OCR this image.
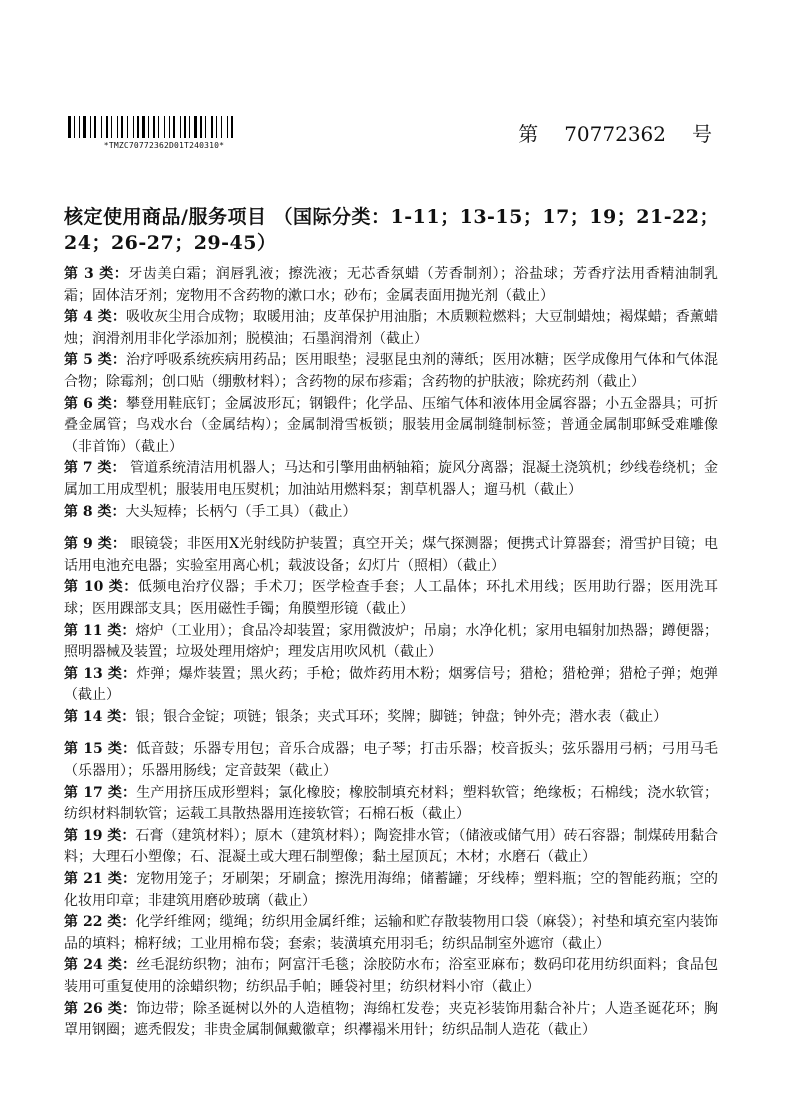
*TMZC70772362D01T240310*	第 70772362 号
核定使用商品/服务项目 （国际分类：1-11；13-15；17；19；21-22；24；26-27；29-45）

第 3 类：牙齿美白霜；润唇乳液；擦洗液；无芯香氛蜡（芳香制剂）；浴盐球；芳香疗法用香精油制乳霜；固体洁牙剂；宠物用不含药物的漱口水；砂布；金属表面用抛光剂（截止）

第 4 类：吸收灰尘用合成物；取暖用油；皮革保护用油脂；木质颗粒燃料；大豆制蜡烛；褐煤蜡；香薰蜡烛；润滑剂用非化学添加剂；脱模油；石墨润滑剂（截止）

第 5 类：治疗呼吸系统疾病用药品；医用眼垫；浸驱昆虫剂的薄纸；医用冰糖；医学成像用气体和气体混合物；除霉剂；创口贴（绷敷材料）；含药物的尿布疹霜；含药物的护肤液；除疣药剂（截止）

第 6 类：攀登用鞋底钉；金属波形瓦；钢锻件；化学品、压缩气体和液体用金属容器；小五金器具；可折叠金属管；鸟戏水台（金属结构）；金属制滑雪板锁；服装用金属制缝制标签；普通金属制耶稣受难雕像（非首饰）（截止）

第 7 类： 管道系统清洁用机器人；马达和引擎用曲柄轴箱；旋风分离器；混凝土浇筑机；纱线卷绕机；金属加工用成型机；服装用电压熨机；加油站用燃料泵；割草机器人；遛马机（截止）

第 8 类：大头短棒；长柄勺（手工具）（截止）

第 9 类： 眼镜袋；非医用X光射线防护装置；真空开关；煤气探测器；便携式计算器套；滑雪护目镜；电话用电池充电器；实验室用离心机；载波设备；幻灯片（照相）（截止）

第 10 类：低频电治疗仪器；手术刀；医学检查手套；人工晶体；环扎术用线；医用助行器；医用洗耳球；医用踝部支具；医用磁性手镯；角膜塑形镜（截止）

第 11 类：熔炉（工业用）；食品冷却装置；家用微波炉；吊扇；水净化机；家用电辐射加热器；蹲便器；照明器械及装置；垃圾处理用熔炉；理发店用吹风机（截止）

第 13 类：炸弹；爆炸装置；黑火药；手枪；做炸药用木粉；烟雾信号；猎枪；猎枪弹；猎枪子弹；炮弹（截止）

第 14 类：银；银合金锭；项链；银条；夹式耳环；奖牌；脚链；钟盘；钟外壳；潜水表（截止）

第 15 类：低音鼓；乐器专用包；音乐合成器；电子琴；打击乐器；校音扳头；弦乐器用弓柄；弓用马毛（乐器用）；乐器用肠线；定音鼓架（截止）

第 17 类：生产用挤压成形塑料；氯化橡胶；橡胶制填充材料；塑料软管；绝缘板；石棉线；浇水软管；纺织材料制软管；运载工具散热器用连接软管；石棉石板（截止）

第 19 类：石膏（建筑材料）；原木（建筑材料）；陶瓷排水管；（储液或储气用）砖石容器；制煤砖用黏合料；大理石小塑像；石、混凝土或大理石制塑像；黏土屋顶瓦；木材；水磨石（截止）

第 21 类：宠物用笼子；牙刷架；牙刷盒；擦洗用海绵；储蓄罐；牙线棒；塑料瓶；空的智能药瓶；空的化妆用印章；非建筑用磨砂玻璃（截止）

第 22 类：化学纤维网；缆绳；纺织用金属纤维；运输和贮存散装物用口袋（麻袋）；衬垫和填充室内装饰品的填料；棉籽绒；工业用棉布袋；套索；装潢填充用羽毛；纺织品制室外遮帘（截止）

第 24 类：丝毛混纺织物；油布；阿富汗毛毯；涂胶防水布；浴室亚麻布；数码印花用纺织面料；食品包装用可重复使用的涂蜡织物；纺织品手帕；睡袋衬里；纺织材料小帘（截止）

第 26 类：饰边带；除圣诞树以外的人造植物；海绵杠发卷；夹克衫装饰用黏合补片；人造圣诞花环；胸罩用钢圈；遮秃假发；非贵金属制佩戴徽章；织襻褟米用针；纺织品制人造花（截止）
